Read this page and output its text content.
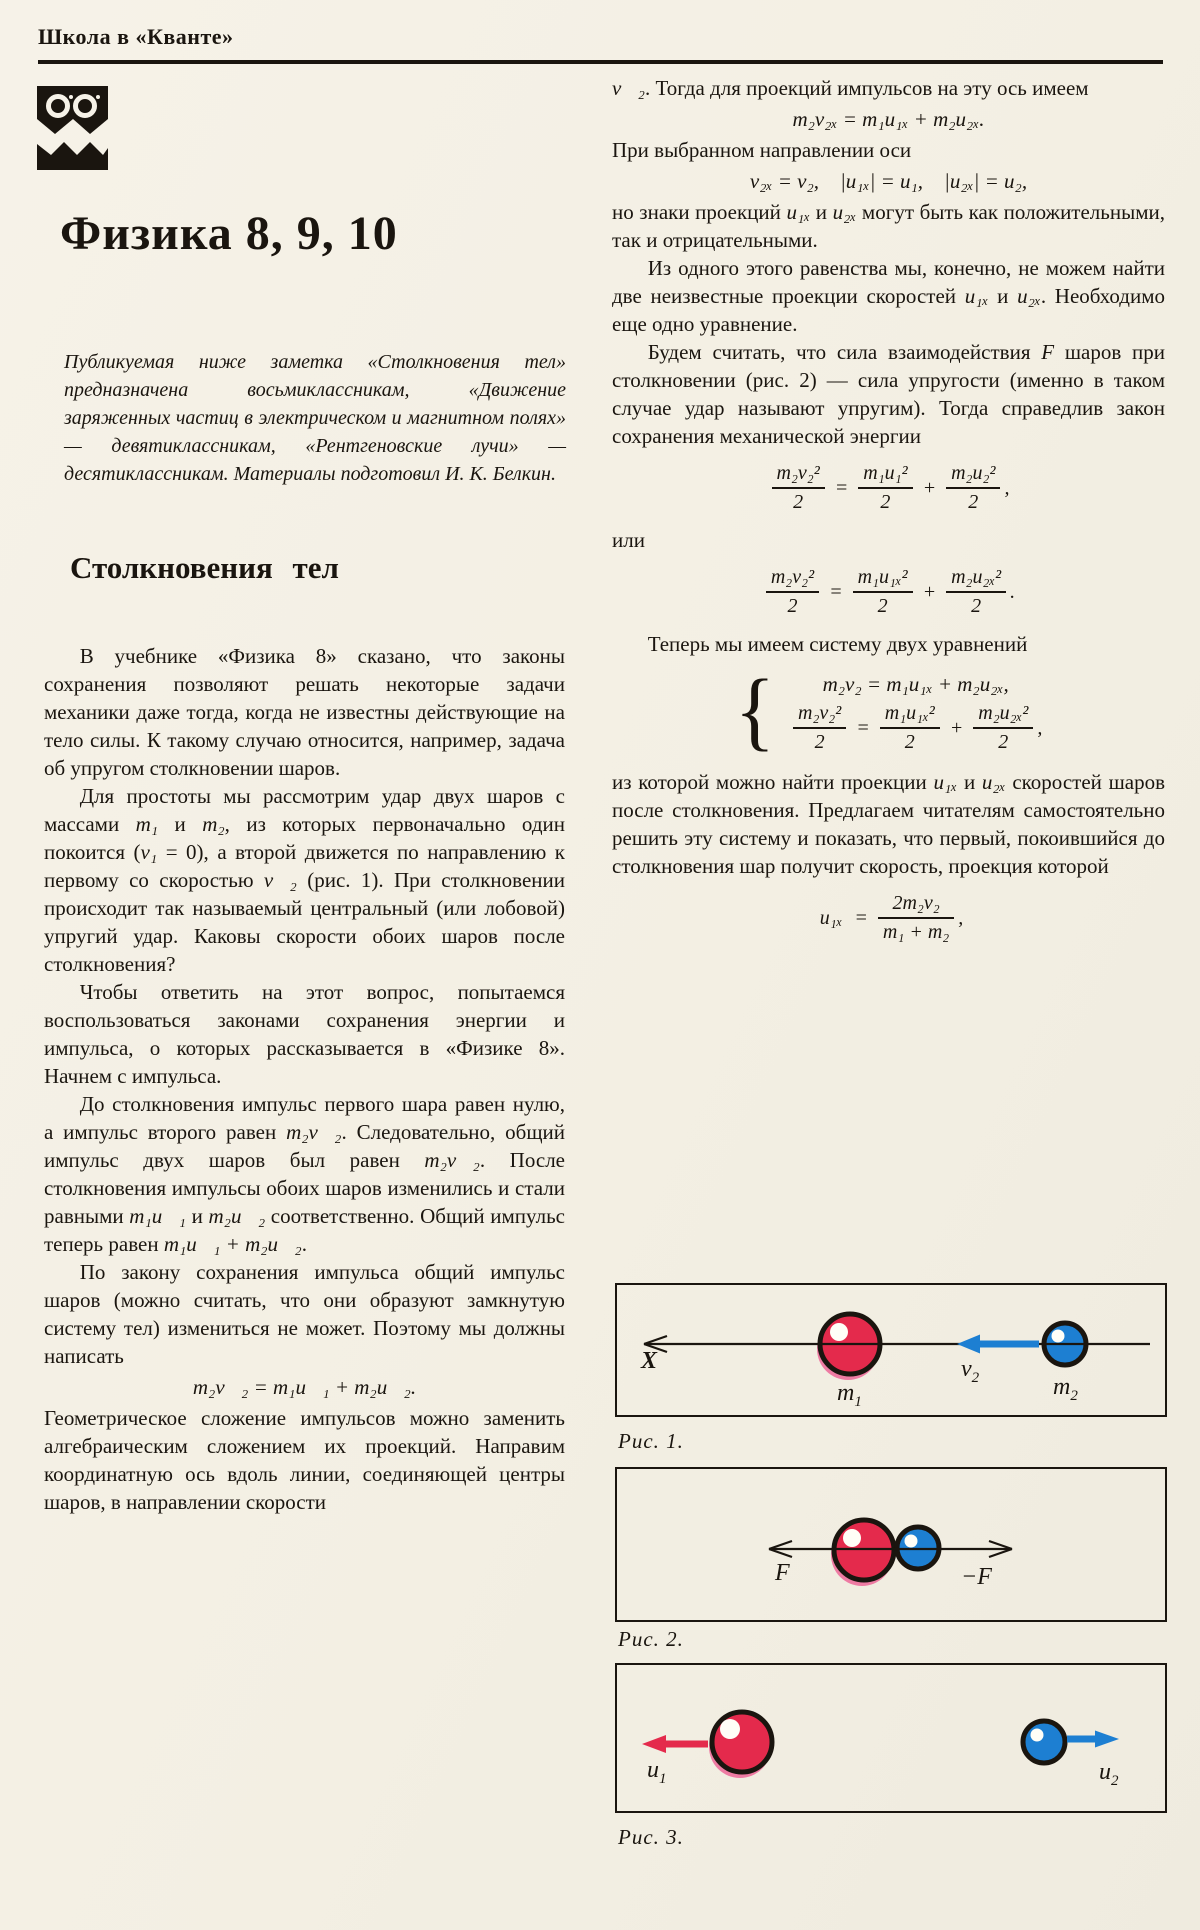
Школа в «Кванте»
Физика 8, 9, 10

Публикуемая ниже заметка «Столкновения тел» предназначена восьмиклассникам, «Движение заряженных частиц в электрическом и магнитном полях» — девятиклассникам, «Рентгеновские лучи» — десятиклассникам. Материалы подготовил И. К. Белкин.

Столкновения тел

В учебнике «Физика 8» сказано, что законы сохранения позволяют решать некоторые задачи механики даже тогда, когда не известны действующие на тело силы. К такому случаю относится, например, задача об упругом столкновении шаров.

Для простоты мы рассмотрим удар двух шаров с массами m₁ и m₂, из которых первоначально один покоится (v₁ = 0), а второй движется по направлению к первому со скоростью v⃗₂ (рис. 1). При столкновении происходит так называемый центральный (или лобовой) упругий удар. Каковы скорости обоих шаров после столкновения?

Чтобы ответить на этот вопрос, попытаемся воспользоваться законами сохранения энергии и импульса, о которых рассказывается в «Физике 8». Начнем с импульса.

До столкновения импульс первого шара равен нулю, а импульс второго равен m₂v⃗₂. Следовательно, общий импульс двух шаров был равен m₂v⃗₂. После столкновения импульсы обоих шаров изменились и стали равными m₁u⃗₁ и m₂u⃗₂ соответственно. Общий импульс теперь равен m₁u⃗₁ + m₂u⃗₂.

По закону сохранения импульса общий импульс шаров (можно считать, что они образуют замкнутую систему тел) измениться не может. Поэтому мы должны написать

m₂v⃗₂ = m₁u⃗₁ + m₂u⃗₂.

Геометрическое сложение импульсов можно заменить алгебраическим сложением их проекций. Направим координатную ось вдоль линии, соединяющей центры шаров, в направлении скорости

v⃗₂. Тогда для проекций импульсов на эту ось имеем

m₂v₂ₓ = m₁u₁ₓ + m₂u₂ₓ.

При выбранном направлении оси

v₂ₓ = v₂,  |u₁ₓ| = u₁,  |u₂ₓ| = u₂,

но знаки проекций u₁ₓ и u₂ₓ могут быть как положительными, так и отрицательными.

Из одного этого равенства мы, конечно, не можем найти две неизвестные проекции скоростей u₁ₓ и u₂ₓ. Необходимо еще одно уравнение.

Будем считать, что сила взаимодействия F шаров при столкновении (рис. 2) — сила упругости (именно в таком случае удар называют упругим). Тогда справедлив закон сохранения механической энергии

$\frac{\text{m₂v₂²}}{2} = \frac{\text{m₁u₁²}}{2} + \frac{\text{m₂u₂²}}{2}$ ,

или

$\frac{\text{m₂v₂²}}{2} = \frac{\text{m₁u₁ₓ²}}{2} + \frac{\text{m₂u₂ₓ²}}{2}$ .

Теперь мы имеем систему двух уравнений

{	m₂v₂ = m₁u₁ₓ + m₂u₂ₓ,
$\frac{\text{m₂v₂²}}{2} = \frac{\text{m₁u₁ₓ²}}{2} + \frac{\text{m₂u₂ₓ²}}{2}$ ,

из которой можно найти проекции u₁ₓ и u₂ₓ скоростей шаров после столкновения. Предлагаем читателям самостоятельно решить эту систему и показать, что первый, покоившийся до столкновения шар получит скорость, проекция которой

$u_{1x} = \frac{\text{2m₂v₂}}{\text{m₁ + m₂}}$ ,
X	$v_2$
$m_1$
$m_2$
Рис. 1.
F	−F
Рис. 2.
$u_1$	$u_2$
Рис. 3.
